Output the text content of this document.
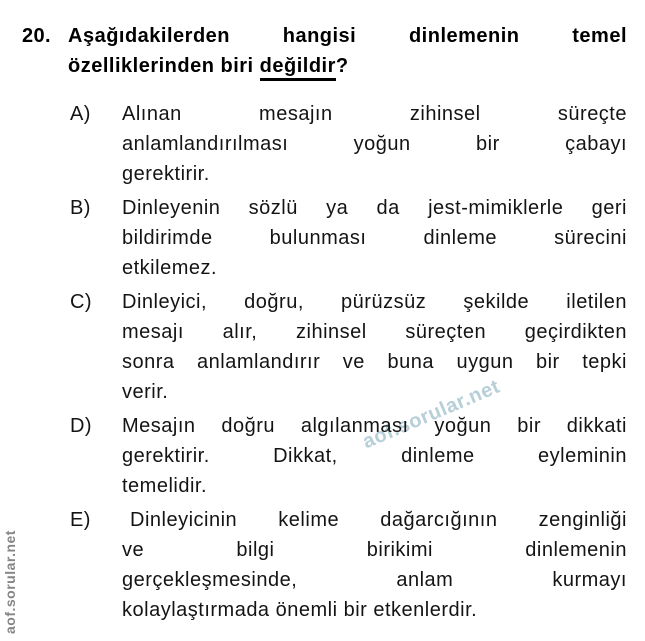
aof.sorular.net
aof.sorular.net
20. Aşağıdakilerden hangisi dinlemenin temel
özelliklerinden biri değildir?
A)	Alınan mesajın zihinsel süreçte
anlamlandırılması yoğun bir çabayı
gerektirir.
B)	Dinleyenin sözlü ya da jest-mimiklerle geri
bildirimde bulunması dinleme sürecini
etkilemez.
C)	Dinleyici, doğru, pürüzsüz şekilde iletilen
mesajı alır, zihinsel süreçten geçirdikten
sonra anlamlandırır ve buna uygun bir tepki
verir.
D)	Mesajın doğru algılanması yoğun bir dikkati
gerektirir. Dikkat, dinleme eyleminin
temelidir.
E)	Dinleyicinin kelime dağarcığının zenginliği
ve bilgi birikimi dinlemenin
gerçekleşmesinde, anlam kurmayı
kolaylaştırmada önemli bir etkenlerdir.
